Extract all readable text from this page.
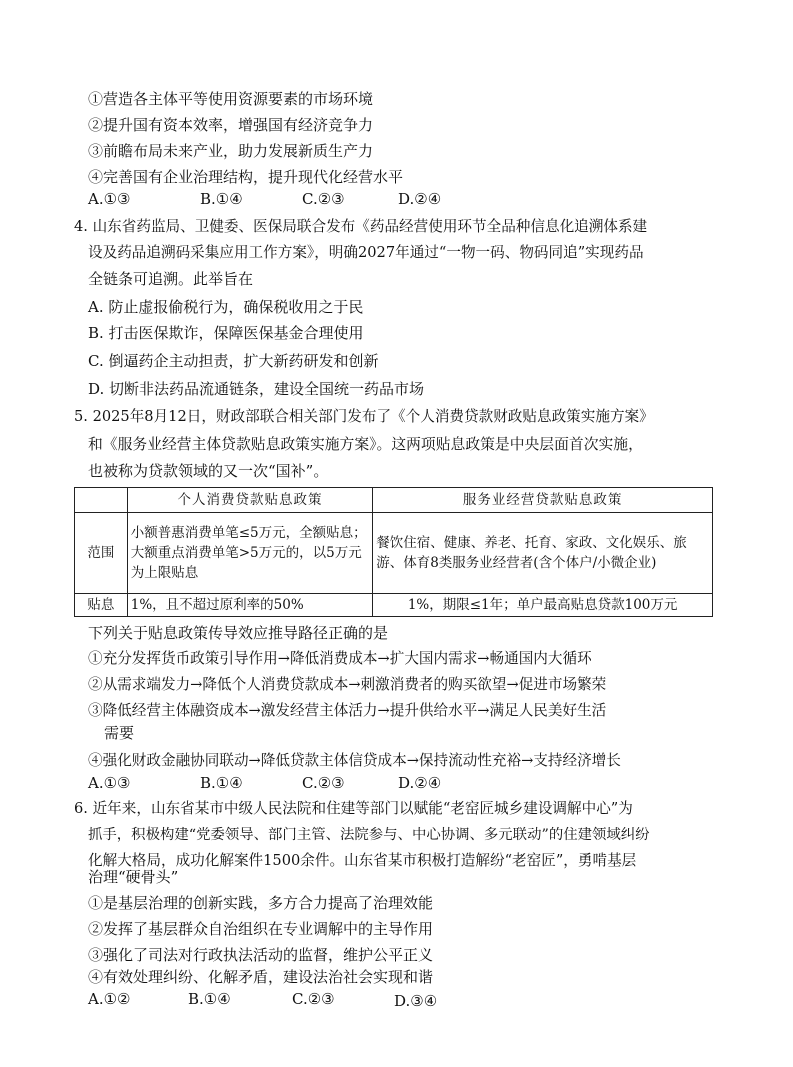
①营造各主体平等使用资源要素的市场环境
②提升国有资本效率，增强国有经济竞争力
③前瞻布局未来产业，助力发展新质生产力
④完善国有企业治理结构，提升现代化经营水平
A.①③	B.①④	C.②③	D.②④
4. 山东省药监局、卫健委、医保局联合发布《药品经营使用环节全品种信息化追溯体系建
设及药品追溯码采集应用工作方案》，明确2027年通过“一物一码、物码同追”实现药品
全链条可追溯。此举旨在
A. 防止虚报偷税行为，确保税收用之于民
B. 打击医保欺诈，保障医保基金合理使用
C. 倒逼药企主动担责，扩大新药研发和创新
D. 切断非法药品流通链条，建设全国统一药品市场
5. 2025年8月12日，财政部联合相关部门发布了《个人消费贷款财政贴息政策实施方案》
和《服务业经营主体贷款贴息政策实施方案》。这两项贴息政策是中央层面首次实施，
也被称为贷款领域的又一次“国补”。
	个人消费贷款贴息政策	服务业经营贷款贴息政策
范围	小额普惠消费单笔≤5万元，全额贴息；大额重点消费单笔>5万元的，以5万元为上限贴息	餐饮住宿、健康、养老、托育、家政、文化娱乐、旅游、体育8类服务业经营者(含个体户/小微企业)
贴息	1%，且不超过原利率的50%	1%，期限≤1年；单户最高贴息贷款100万元
下列关于贴息政策传导效应推导路径正确的是
①充分发挥货币政策引导作用→降低消费成本→扩大国内需求→畅通国内大循环
②从需求端发力→降低个人消费贷款成本→刺激消费者的购买欲望→促进市场繁荣
③降低经营主体融资成本→激发经营主体活力→提升供给水平→满足人民美好生活
需要
④强化财政金融协同联动→降低贷款主体信贷成本→保持流动性充裕→支持经济增长
A.①③	B.①④	C.②③	D.②④
6. 近年来，山东省某市中级人民法院和住建等部门以赋能“老窑匠城乡建设调解中心”为
抓手，积极构建“党委领导、部门主管、法院参与、中心协调、多元联动”的住建领域纠纷
化解大格局，成功化解案件1500余件。山东省某市积极打造解纷“老窑匠”，勇啃基层
治理“硬骨头”
①是基层治理的创新实践，多方合力提高了治理效能
②发挥了基层群众自治组织在专业调解中的主导作用
③强化了司法对行政执法活动的监督，维护公平正义
④有效处理纠纷、化解矛盾，建设法治社会实现和谐
A.①②	B.①④	C.②③	D.③④
